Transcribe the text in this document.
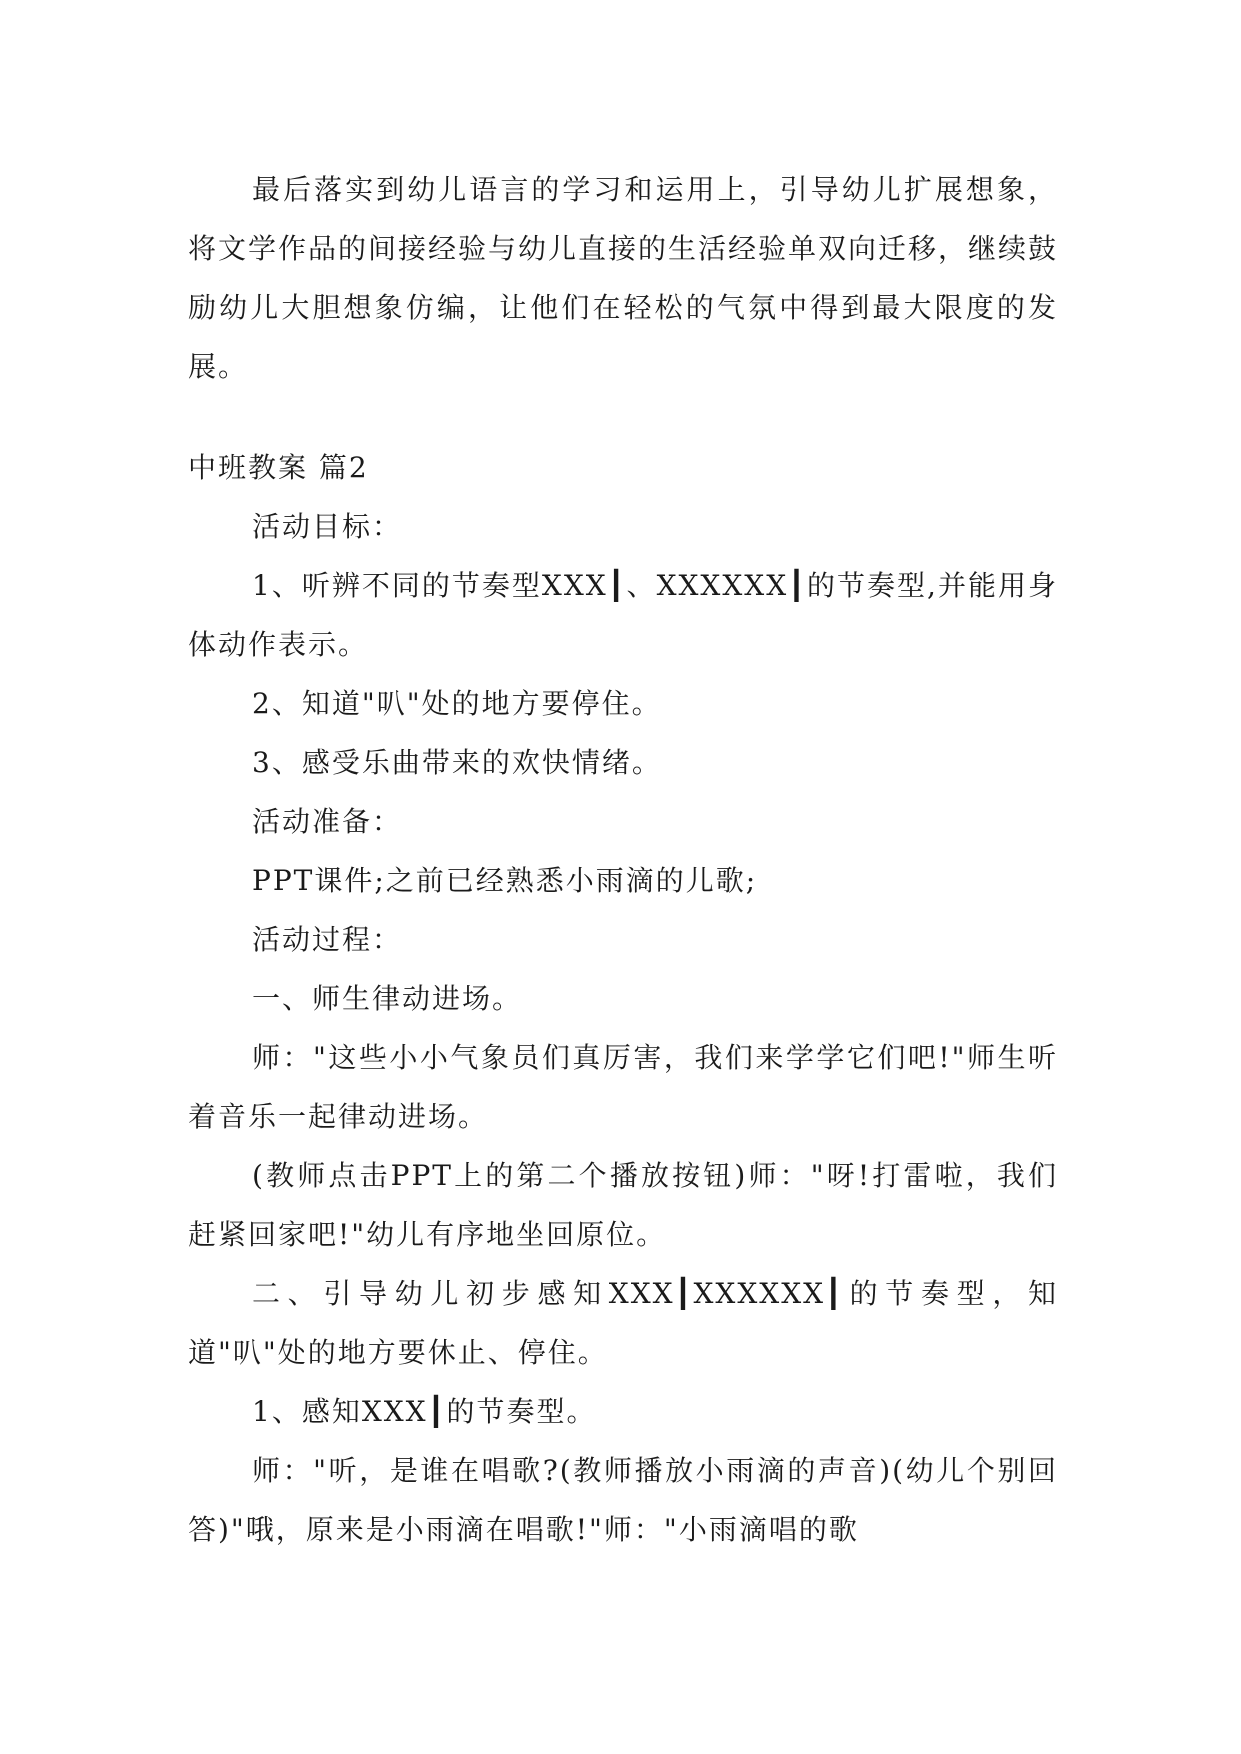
最后落实到幼儿语言的学习和运用上，引导幼儿扩展想象，将文学作品的间接经验与幼儿直接的生活经验单双向迁移，继续鼓励幼儿大胆想象仿编，让他们在轻松的气氛中得到最大限度的发展。

中班教案 篇2

活动目标：

1、听辨不同的节奏型XXX┃、XXXXXX┃的节奏型,并能用身体动作表示。

2、知道"叭"处的地方要停住。

3、感受乐曲带来的欢快情绪。

活动准备：

PPT课件;之前已经熟悉小雨滴的儿歌;

活动过程：

一、师生律动进场。

师："这些小小气象员们真厉害，我们来学学它们吧!"师生听着音乐一起律动进场。

(教师点击PPT上的第二个播放按钮)师："呀!打雷啦，我们赶紧回家吧!"幼儿有序地坐回原位。

二、引导幼儿初步感知XXX┃XXXXXX┃的节奏型，知道"叭"处的地方要休止、停住。

1、感知XXX┃的节奏型。

师："听，是谁在唱歌?(教师播放小雨滴的声音)(幼儿个别回答)"哦，原来是小雨滴在唱歌!"师："小雨滴唱的歌
